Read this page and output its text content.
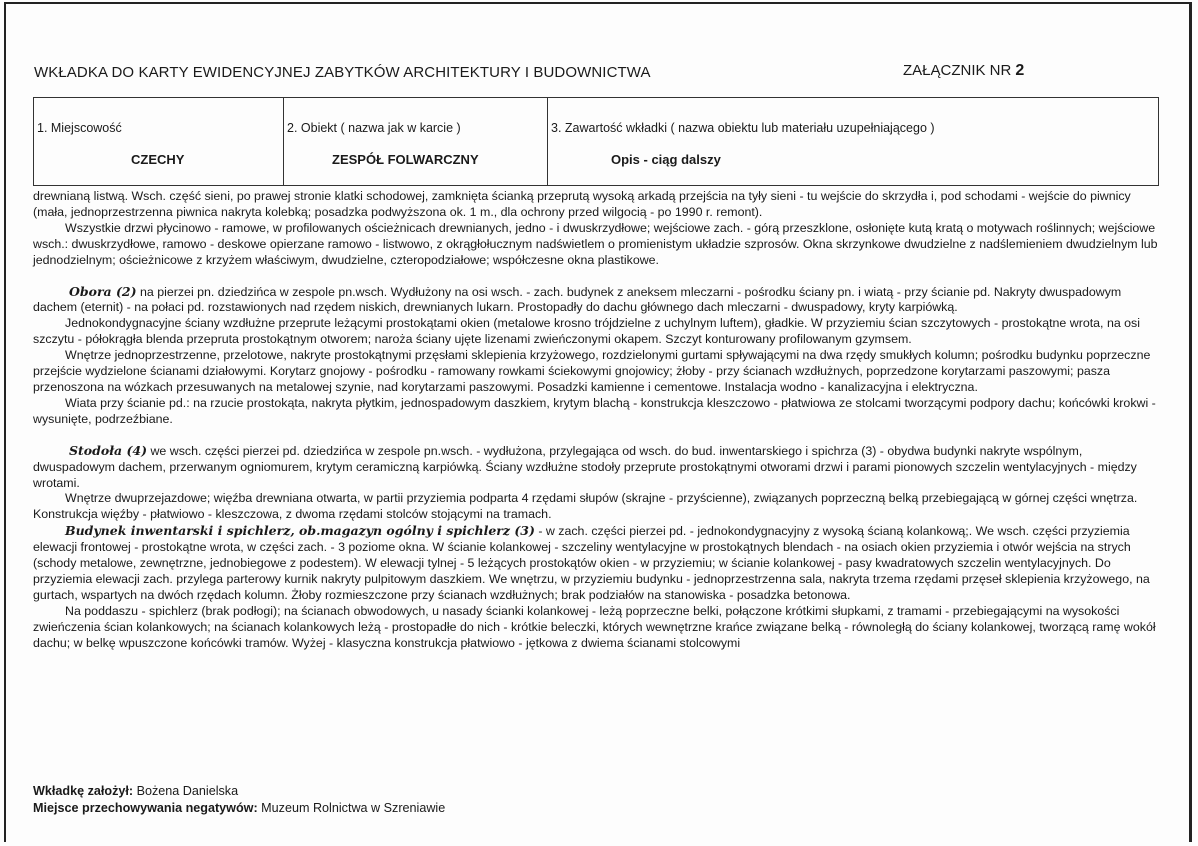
WKŁADKA DO KARTY EWIDENCYJNEJ ZABYTKÓW ARCHITEKTURY I BUDOWNICTWA	ZAŁĄCZNIK NR 2
1. Miejscowość
CZECHY
2. Obiekt ( nazwa jak w karcie )
ZESPÓŁ FOLWARCZNY
3. Zawartość wkładki ( nazwa obiektu lub materiału uzupełniającego )
Opis - ciąg dalszy

drewnianą listwą. Wsch. część sieni, po prawej stronie klatki schodowej, zamknięta ścianką przeprutą wysoką arkadą przejścia na tyły sieni - tu wejście do skrzydła i, pod schodami - wejście do piwnicy (mała, jednoprzestrzenna piwnica nakryta kolebką; posadzka podwyższona ok. 1 m., dla ochrony przed wilgocią - po 1990 r. remont).

Wszystkie drzwi płycinowo - ramowe, w profilowanych ościeżnicach drewnianych, jedno - i dwuskrzydłowe; wejściowe zach. - górą przeszklone, osłonięte kutą kratą o motywach roślinnych; wejściowe wsch.: dwuskrzydłowe, ramowo - deskowe opierzane ramowo - listwowo, z okrągłołucznym nadświetlem o promienistym układzie szprosów. Okna skrzynkowe dwudzielne z nadślemieniem dwudzielnym lub jednodzielnym; ościeżnicowe z krzyżem właściwym, dwudzielne, czteropodziałowe; współczesne okna plastikowe.

Obora (2) na pierzei pn. dziedzińca w zespole pn.wsch. Wydłużony na osi wsch. - zach. budynek z aneksem mleczarni - pośrodku ściany pn. i wiatą - przy ścianie pd. Nakryty dwuspadowym dachem (eternit) - na połaci pd. rozstawionych nad rzędem niskich, drewnianych lukarn. Prostopadły do dachu głównego dach mleczarni - dwuspadowy, kryty karpiówką.

Jednokondygnacyjne ściany wzdłużne przeprute leżącymi prostokątami okien (metalowe krosno trójdzielne z uchylnym luftem), gładkie. W przyziemiu ścian szczytowych - prostokątne wrota, na osi szczytu - półokrągła blenda przepruta prostokątnym otworem; naroża ściany ujęte lizenami zwieńczonymi okapem. Szczyt konturowany profilowanym gzymsem.

Wnętrze jednoprzestrzenne, przelotowe, nakryte prostokątnymi przęsłami sklepienia krzyżowego, rozdzielonymi gurtami spływającymi na dwa rzędy smukłych kolumn; pośrodku budynku poprzeczne przejście wydzielone ścianami działowymi. Korytarz gnojowy - pośrodku - ramowany rowkami ściekowymi gnojowicy; żłoby - przy ścianach wzdłużnych, poprzedzone korytarzami paszowymi; pasza przenoszona na wózkach przesuwanych na metalowej szynie, nad korytarzami paszowymi. Posadzki kamienne i cementowe. Instalacja wodno - kanalizacyjna i elektryczna.

Wiata przy ścianie pd.: na rzucie prostokąta, nakryta płytkim, jednospadowym daszkiem, krytym blachą - konstrukcja kleszczowo - płatwiowa ze stolcami tworzącymi podpory dachu; końcówki krokwi - wysunięte, podrzeźbiane.

Stodoła (4) we wsch. części pierzei pd. dziedzińca w zespole pn.wsch. - wydłużona, przylegająca od wsch. do bud. inwentarskiego i spichrza (3) - obydwa budynki nakryte wspólnym, dwuspadowym dachem, przerwanym ogniomurem, krytym ceramiczną karpiówką. Ściany wzdłużne stodoły przeprute prostokątnymi otworami drzwi i parami pionowych szczelin wentylacyjnych - między wrotami.

Wnętrze dwuprzejazdowe; więźba drewniana otwarta, w partii przyziemia podparta 4 rzędami słupów (skrajne - przyścienne), związanych poprzeczną belką przebiegającą w górnej części wnętrza. Konstrukcja więźby - płatwiowo - kleszczowa, z dwoma rzędami stolców stojącymi na tramach.

Budynek inwentarski i spichlerz, ob.magazyn ogólny i spichlerz (3) - w zach. części pierzei pd. - jednokondygnacyjny z wysoką ścianą kolankową;. We wsch. części przyziemia elewacji frontowej - prostokątne wrota, w części zach. - 3 poziome okna. W ścianie kolankowej - szczeliny wentylacyjne w prostokątnych blendach - na osiach okien przyziemia i otwór wejścia na strych (schody metalowe, zewnętrzne, jednobiegowe z podestem). W elewacji tylnej - 5 leżących prostokątów okien - w przyziemiu; w ścianie kolankowej - pasy kwadratowych szczelin wentylacyjnych. Do przyziemia elewacji zach. przylega parterowy kurnik nakryty pulpitowym daszkiem. We wnętrzu, w przyziemiu budynku - jednoprzestrzenna sala, nakryta trzema rzędami przęseł sklepienia krzyżowego, na gurtach, wspartych na dwóch rzędach kolumn. Żłoby rozmieszczone przy ścianach wzdłużnych; brak podziałów na stanowiska - posadzka betonowa.

Na poddaszu - spichlerz (brak podłogi); na ścianach obwodowych, u nasady ścianki kolankowej - leżą poprzeczne belki, połączone krótkimi słupkami, z tramami - przebiegającymi na wysokości zwieńczenia ścian kolankowych; na ścianach kolankowych leżą - prostopadłe do nich - krótkie beleczki, których wewnętrzne krańce związane belką - równoległą do ściany kolankowej, tworzącą ramę wokół dachu; w belkę wpuszczone końcówki tramów. Wyżej - klasyczna konstrukcja płatwiowo - jętkowa z dwiema ścianami stolcowymi

Wkładkę założył: Bożena Danielska
Miejsce przechowywania negatywów: Muzeum Rolnictwa w Szreniawie
